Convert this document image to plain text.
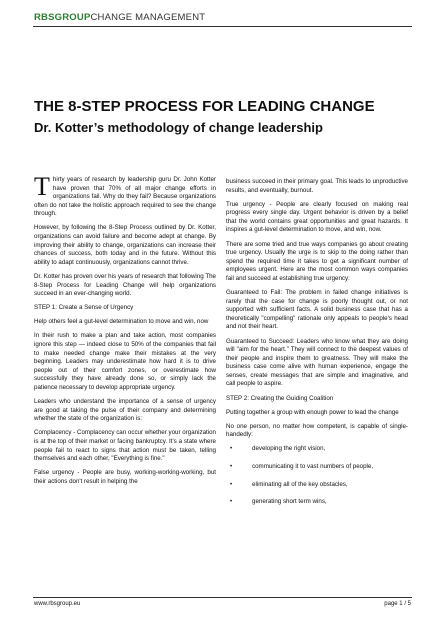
RBSGROUPCHANGE MANAGEMENT
THE 8-STEP PROCESS FOR LEADING CHANGE
Dr. Kotter’s methodology of change leadership

Thirty years of research by leadership guru Dr. John Kotter have proven that 70% of all major change efforts in organizations fail. Why do they fail? Because organizations often do not take the holistic approach required to see the change through.

However, by following the 8-Step Process outlined by Dr. Kotter, organizations can avoid failure and become adept at change. By improving their ability to change, organizations can increase their chances of success, both today and in the future. Without this ability to adapt continuously, organizations cannot thrive.

Dr. Kotter has proven over his years of research that following The 8-Step Process for Leading Change will help organizations succeed in an ever-changing world.

STEP 1: Create a Sense of Urgency

Help others feel a gut-level determination to move and win, now

In their rush to make a plan and take action, most companies ignore this step — indeed close to 50% of the companies that fail to make needed change make their mistakes at the very beginning. Leaders may underestimate how hard it is to drive people out of their comfort zones, or overestimate how successfully they have already done so, or simply lack the patience necessary to develop appropriate urgency.

Leaders who understand the importance of a sense of urgency are good at taking the pulse of their company and determining whether the state of the organization is:

Complacency - Complacency can occur whether your organization is at the top of their market or facing bankruptcy. It’s a state where people fail to react to signs that action must be taken, telling themselves and each other, "Everything is fine."

False urgency - People are busy, working-working-working, but their actions don't result in helping the

business succeed in their primary goal. This leads to unproductive results, and eventually, burnout.

True urgency - People are clearly focused on making real progress every single day. Urgent behavior is driven by a belief that the world contains great opportunities and great hazards. It inspires a gut-level determination to move, and win, now.

There are some tried and true ways companies go about creating true urgency. Usually the urge is to skip to the doing rather than spend the required time it takes to get a significant number of employees urgent. Here are the most common ways companies fail and succeed at establishing true urgency:

Guaranteed to Fail: The problem in failed change initiatives is rarely that the case for change is poorly thought out, or not supported with sufficient facts. A solid business case that has a theoretically "compelling" rationale only appeals to people's head and not their heart.

Guaranteed to Succeed: Leaders who know what they are doing will "aim for the heart." They will connect to the deepest values of their people and inspire them to greatness. They will make the business case come alive with human experience, engage the senses, create messages that are simple and imaginative, and call people to aspire.

STEP 2: Creating the Guiding Coalition

Putting together a group with enough power to lead the change

No one person, no matter how competent, is capable of single-handedly:

• developing the right vision,
• communicating it to vast numbers of people,
• eliminating all of the key obstacles,
• generating short term wins,
www.rbsgroup.eu	page 1 / 5
